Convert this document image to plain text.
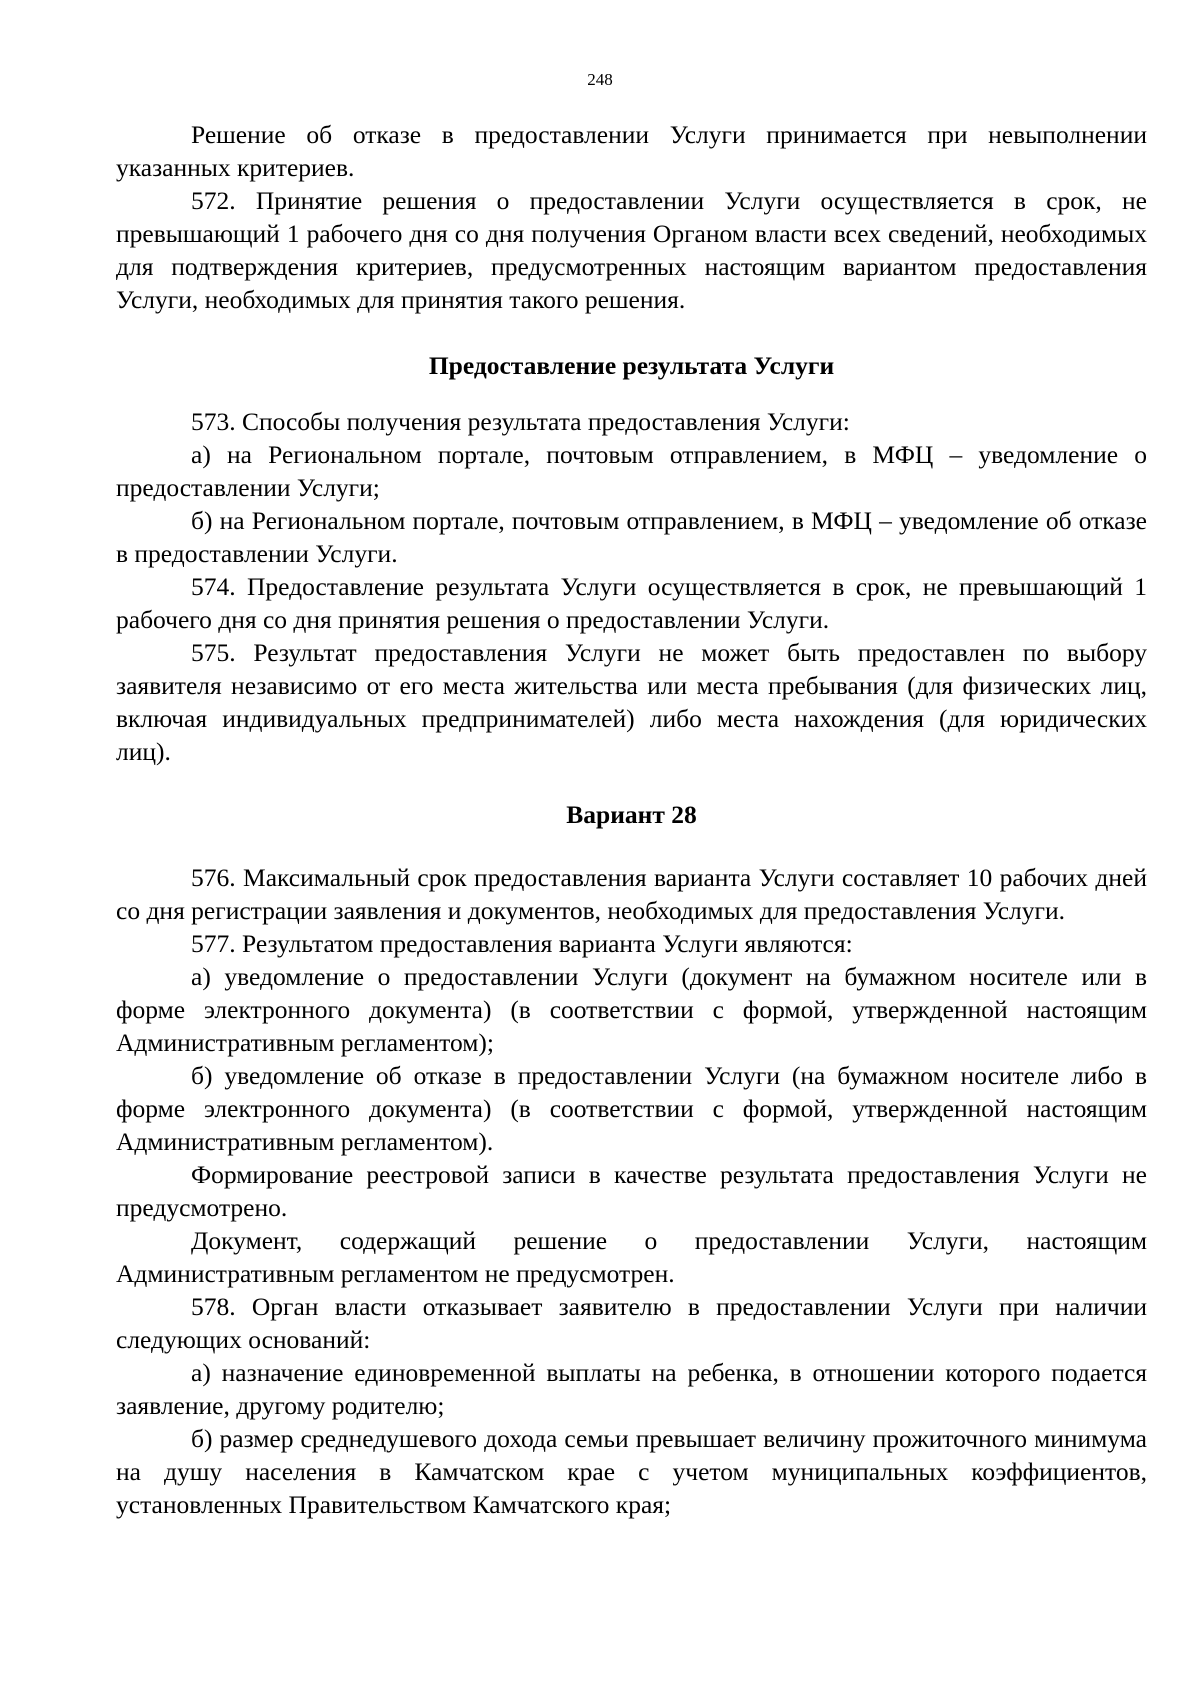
248

Решение об отказе в предоставлении Услуги принимается при невыполнении указанных критериев.

572. Принятие решения о предоставлении Услуги осуществляется в срок, не превышающий 1 рабочего дня со дня получения Органом власти всех сведений, необходимых для подтверждения критериев, предусмотренных настоящим вариантом предоставления Услуги, необходимых для принятия такого решения.

Предоставление результата Услуги

573. Способы получения результата предоставления Услуги:

а) на Региональном портале, почтовым отправлением, в МФЦ – уведомление о предоставлении Услуги;

б) на Региональном портале, почтовым отправлением, в МФЦ – уведомление об отказе в предоставлении Услуги.

574. Предоставление результата Услуги осуществляется в срок, не превышающий 1 рабочего дня со дня принятия решения о предоставлении Услуги.

575. Результат предоставления Услуги не может быть предоставлен по выбору заявителя независимо от его места жительства или места пребывания (для физических лиц, включая индивидуальных предпринимателей) либо места нахождения (для юридических лиц).

Вариант 28

576. Максимальный срок предоставления варианта Услуги составляет 10 рабочих дней со дня регистрации заявления и документов, необходимых для предоставления Услуги.

577. Результатом предоставления варианта Услуги являются:

а) уведомление о предоставлении Услуги (документ на бумажном носителе или в форме электронного документа) (в соответствии с формой, утвержденной настоящим Административным регламентом);

б) уведомление об отказе в предоставлении Услуги (на бумажном носителе либо в форме электронного документа) (в соответствии с формой, утвержденной настоящим Административным регламентом).

Формирование реестровой записи в качестве результата предоставления Услуги не предусмотрено.

Документ, содержащий решение о предоставлении Услуги, настоящим Административным регламентом не предусмотрен.

578. Орган власти отказывает заявителю в предоставлении Услуги при наличии следующих оснований:

а) назначение единовременной выплаты на ребенка, в отношении которого подается заявление, другому родителю;

б) размер среднедушевого дохода семьи превышает величину прожиточного минимума на душу населения в Камчатском крае с учетом муниципальных коэффициентов, установленных Правительством Камчатского края;
